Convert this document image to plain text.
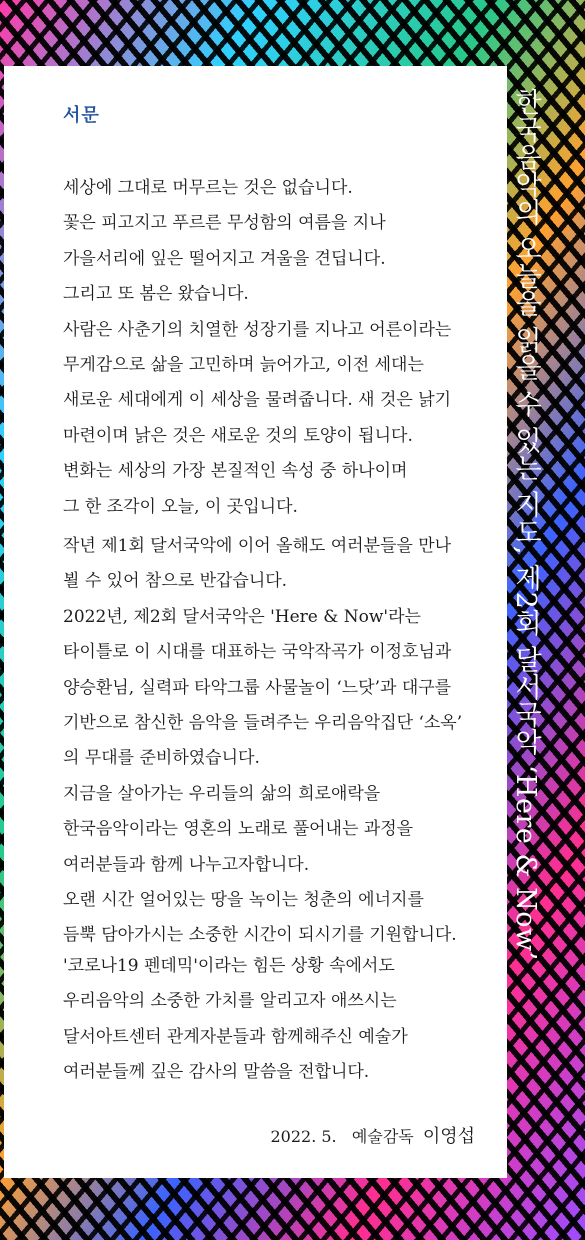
서문
세상에 그대로 머무르는 것은 없습니다.
꽃은 피고지고 푸르른 무성함의 여름을 지나
가을서리에 잎은 떨어지고 겨울을 견딥니다.
그리고 또 봄은 왔습니다.
사람은 사춘기의 치열한 성장기를 지나고 어른이라는
무게감으로 삶을 고민하며 늙어가고, 이전 세대는
새로운 세대에게 이 세상을 물려줍니다. 새 것은 낡기
마련이며 낡은 것은 새로운 것의 토양이 됩니다.
변화는 세상의 가장 본질적인 속성 중 하나이며
그 한 조각이 오늘, 이 곳입니다.
작년 제1회 달서국악에 이어 올해도 여러분들을 만나
뵐 수 있어 참으로 반갑습니다.
2022년, 제2회 달서국악은 'Here & Now'라는
타이틀로 이 시대를 대표하는 국악작곡가 이정호님과
양승환님, 실력파 타악그룹 사물놀이 ‘느닷’과 대구를
기반으로 참신한 음악을 들려주는 우리음악집단 ‘소옥’
의 무대를 준비하였습니다.
지금을 살아가는 우리들의 삶의 희로애락을
한국음악이라는 영혼의 노래로 풀어내는 과정을
여러분들과 함께 나누고자합니다.
오랜 시간 얼어있는 땅을 녹이는 청춘의 에너지를
듬뿍 담아가시는 소중한 시간이 되시기를 기원합니다.
'코로나19 펜데믹'이라는 힘든 상황 속에서도
우리음악의 소중한 가치를 알리고자 애쓰시는
달서아트센터 관계자분들과 함께해주신 예술가
여러분들께 깊은 감사의 말씀을 전합니다.
2022. 5. 예술감독 이영섭
한국음악의 오늘을 읽을 수 있는 지도, 제2회 달서국악 ‘Here & Now’
